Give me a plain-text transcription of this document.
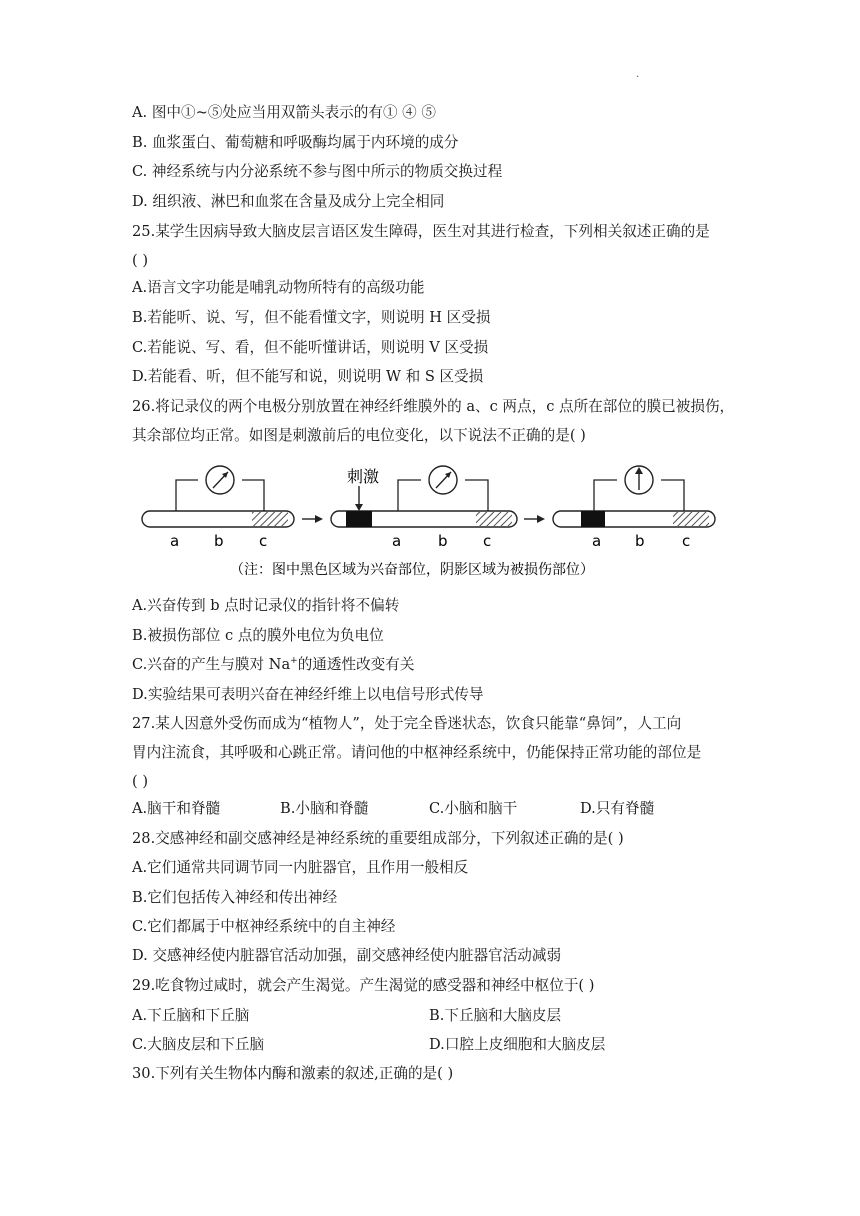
·
A. 图中①~⑤处应当用双箭头表示的有① ④ ⑤
B. 血浆蛋白、葡萄糖和呼吸酶均属于内环境的成分
C. 神经系统与内分泌系统不参与图中所示的物质交换过程
D. 组织液、淋巴和血浆在含量及成分上完全相同
25.某学生因病导致大脑皮层言语区发生障碍，医生对其进行检查，下列相关叙述正确的是
( )
A.语言文字功能是哺乳动物所特有的高级功能
B.若能听、说、写，但不能看懂文字，则说明 H 区受损
C.若能说、写、看，但不能听懂讲话，则说明 V 区受损
D.若能看、听，但不能写和说，则说明 W 和 S 区受损
26.将记录仪的两个电极分别放置在神经纤维膜外的 a、c 两点，c 点所在部位的膜已被损伤，
其余部位均正常。如图是刺激前后的电位变化，以下说法不正确的是( )
a b c
刺激
a b c	a b c
（注：图中黑色区域为兴奋部位，阴影区域为被损伤部位）
A.兴奋传到 b 点时记录仪的指针将不偏转
B.被损伤部位 c 点的膜外电位为负电位
C.兴奋的产生与膜对 Na+的通透性改变有关
D.实验结果可表明兴奋在神经纤维上以电信号形式传导
27.某人因意外受伤而成为“植物人”，处于完全昏迷状态，饮食只能靠“鼻饲”，人工向
胃内注流食，其呼吸和心跳正常。请问他的中枢神经系统中，仍能保持正常功能的部位是
( )
A.脑干和脊髓	B.小脑和脊髓	C.小脑和脑干	D.只有脊髓
28.交感神经和副交感神经是神经系统的重要组成部分，下列叙述正确的是( )
A.它们通常共同调节同一内脏器官，且作用一般相反
B.它们包括传入神经和传出神经
C.它们都属于中枢神经系统中的自主神经
D. 交感神经使内脏器官活动加强，副交感神经使内脏器官活动减弱
29.吃食物过咸时，就会产生渴觉。产生渴觉的感受器和神经中枢位于( )
A.下丘脑和下丘脑	B.下丘脑和大脑皮层
C.大脑皮层和下丘脑	D.口腔上皮细胞和大脑皮层
30.下列有关生物体内酶和激素的叙述,正确的是( )
